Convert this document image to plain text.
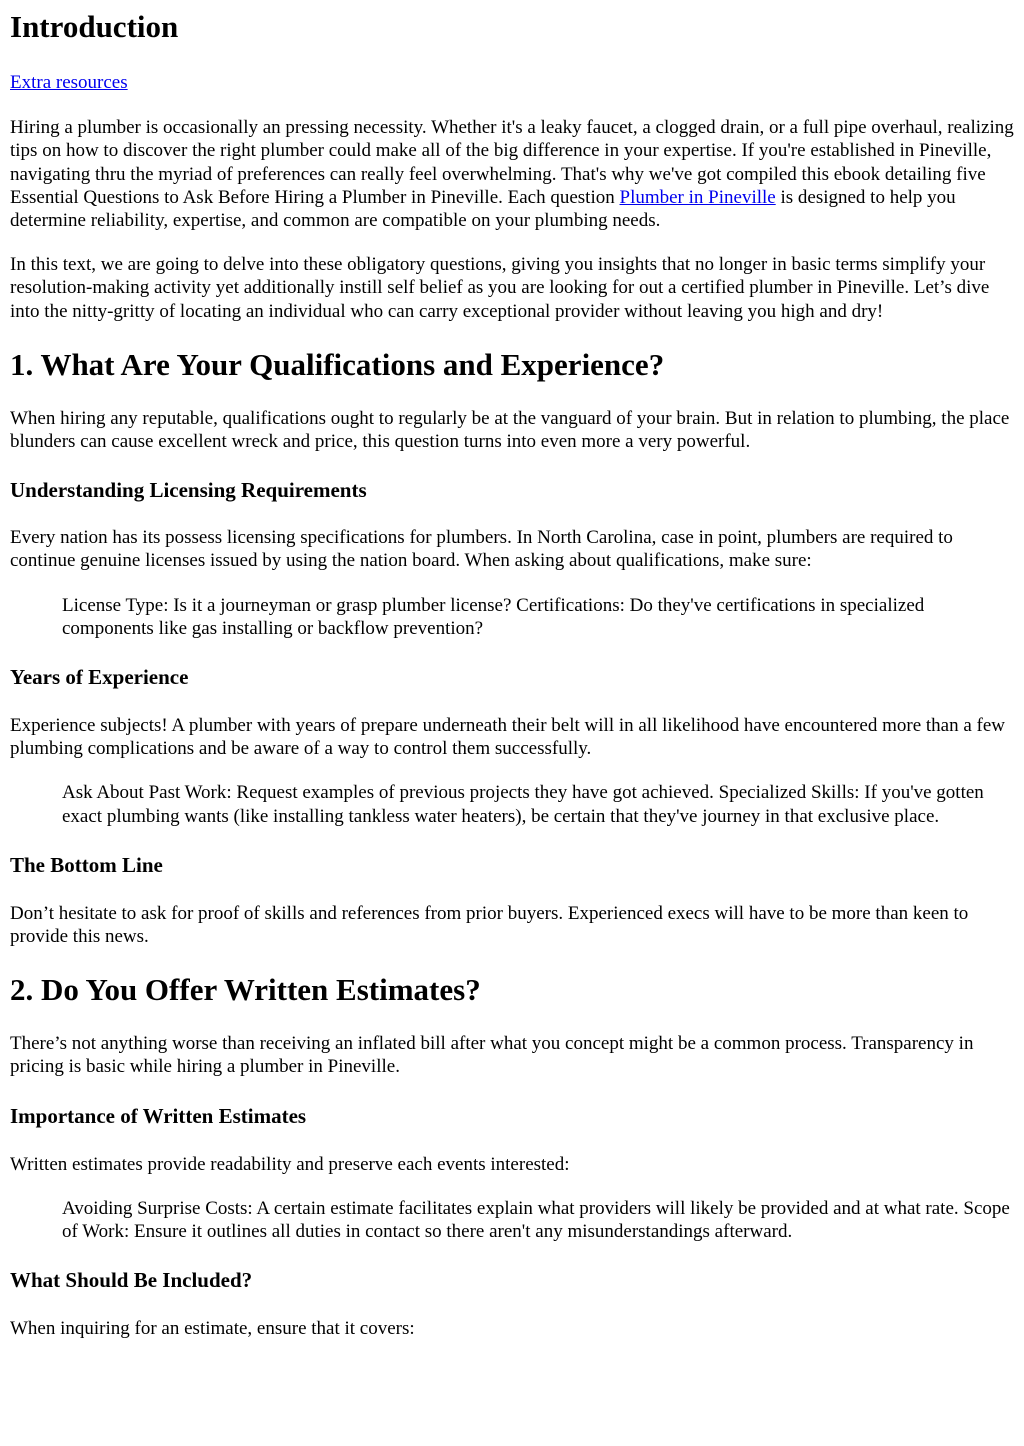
Introduction

Extra resources

Hiring a plumber is occasionally an pressing necessity. Whether it's a leaky faucet, a clogged drain, or a full pipe overhaul, realizing tips on how to discover the right plumber could make all of the big difference in your expertise. If you're established in Pineville, navigating thru the myriad of preferences can really feel overwhelming. That's why we've got compiled this ebook detailing five Essential Questions to Ask Before Hiring a Plumber in Pineville. Each question Plumber in Pineville is designed to help you determine reliability, expertise, and common are compatible on your plumbing needs.

In this text, we are going to delve into these obligatory questions, giving you insights that no longer in basic terms simplify your resolution-making activity yet additionally instill self belief as you are looking for out a certified plumber in Pineville. Let’s dive into the nitty-gritty of locating an individual who can carry exceptional provider without leaving you high and dry!

1. What Are Your Qualifications and Experience?

When hiring any reputable, qualifications ought to regularly be at the vanguard of your brain. But in relation to plumbing, the place blunders can cause excellent wreck and price, this question turns into even more a very powerful.

Understanding Licensing Requirements

Every nation has its possess licensing specifications for plumbers. In North Carolina, case in point, plumbers are required to continue genuine licenses issued by using the nation board. When asking about qualifications, make sure:

License Type: Is it a journeyman or grasp plumber license? Certifications: Do they've certifications in specialized components like gas installing or backflow prevention?
Years of Experience

Experience subjects! A plumber with years of prepare underneath their belt will in all likelihood have encountered more than a few plumbing complications and be aware of a way to control them successfully.

Ask About Past Work: Request examples of previous projects they have got achieved. Specialized Skills: If you've gotten exact plumbing wants (like installing tankless water heaters), be certain that they've journey in that exclusive place.
The Bottom Line

Don’t hesitate to ask for proof of skills and references from prior buyers. Experienced execs will have to be more than keen to provide this news.

2. Do You Offer Written Estimates?

There’s not anything worse than receiving an inflated bill after what you concept might be a common process. Transparency in pricing is basic while hiring a plumber in Pineville.

Importance of Written Estimates

Written estimates provide readability and preserve each events interested:

Avoiding Surprise Costs: A certain estimate facilitates explain what providers will likely be provided and at what rate. Scope of Work: Ensure it outlines all duties in contact so there aren't any misunderstandings afterward.
What Should Be Included?

When inquiring for an estimate, ensure that it covers:
